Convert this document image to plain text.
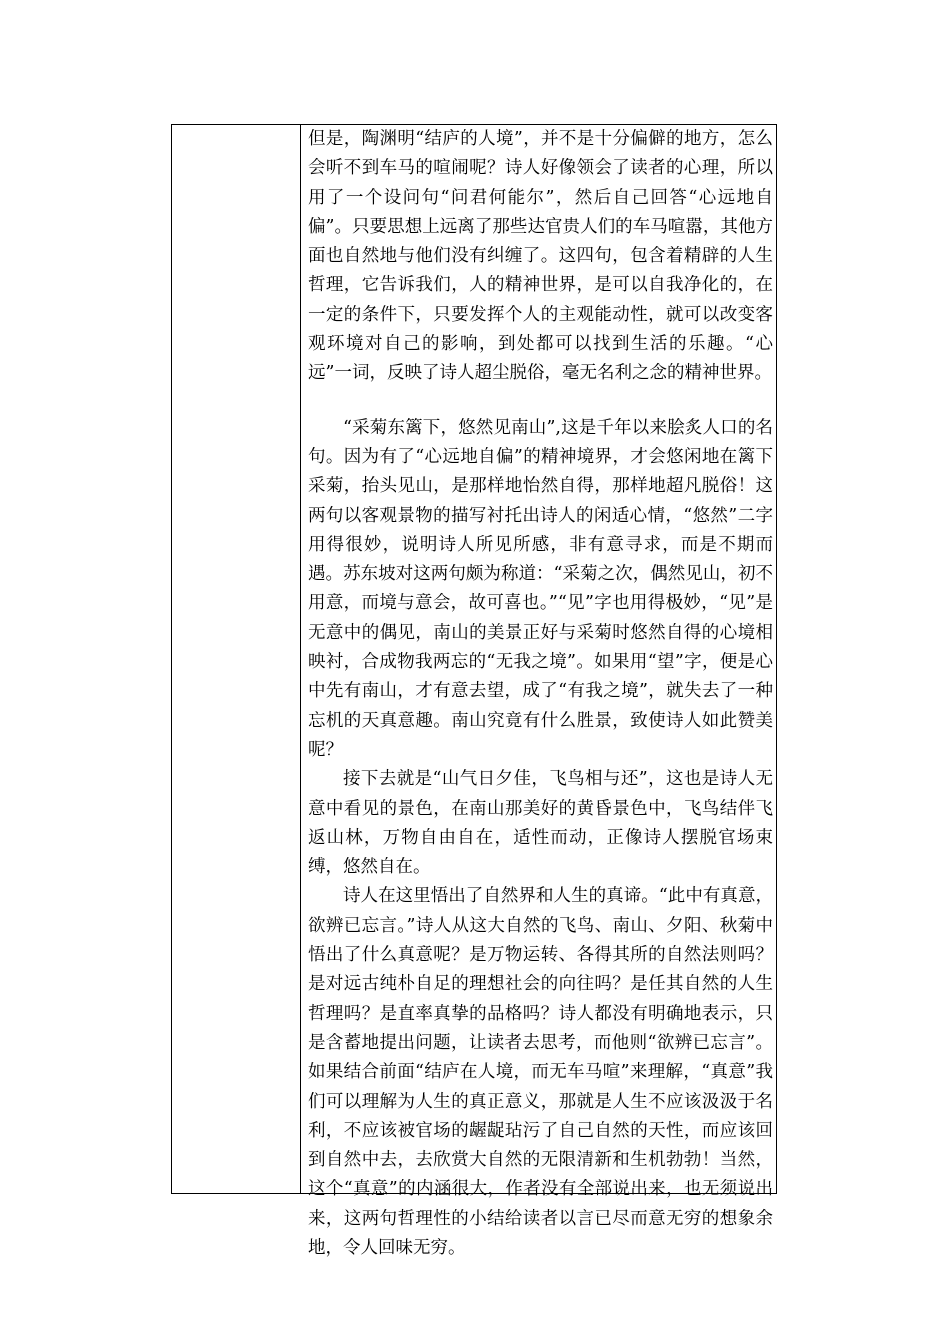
但是，陶渊明“结庐的人境”，并不是十分偏僻的地方，怎么会听不到车马的喧闹呢？诗人好像领会了读者的心理，所以用了一个设问句“问君何能尔”，然后自己回答“心远地自偏”。只要思想上远离了那些达官贵人们的车马喧嚣，其他方面也自然地与他们没有纠缠了。这四句，包含着精辟的人生哲理，它告诉我们，人的精神世界，是可以自我净化的，在一定的条件下，只要发挥个人的主观能动性，就可以改变客观环境对自己的影响，到处都可以找到生活的乐趣。“心远”一词，反映了诗人超尘脱俗，毫无名利之念的精神世界。

“采菊东篱下，悠然见南山”,这是千年以来脍炙人口的名句。因为有了“心远地自偏”的精神境界，才会悠闲地在篱下采菊，抬头见山，是那样地怡然自得，那样地超凡脱俗！这两句以客观景物的描写衬托出诗人的闲适心情，“悠然”二字用得很妙，说明诗人所见所感，非有意寻求，而是不期而遇。苏东坡对这两句颇为称道：“采菊之次，偶然见山，初不用意，而境与意会，故可喜也。”“见”字也用得极妙，“见”是无意中的偶见，南山的美景正好与采菊时悠然自得的心境相映衬，合成物我两忘的“无我之境”。如果用“望”字，便是心中先有南山，才有意去望，成了“有我之境”，就失去了一种忘机的天真意趣。南山究竟有什么胜景，致使诗人如此赞美呢？

接下去就是“山气日夕佳，飞鸟相与还”，这也是诗人无意中看见的景色，在南山那美好的黄昏景色中，飞鸟结伴飞返山林，万物自由自在，适性而动，正像诗人摆脱官场束缚，悠然自在。

诗人在这里悟出了自然界和人生的真谛。“此中有真意，欲辨已忘言。”诗人从这大自然的飞鸟、南山、夕阳、秋菊中悟出了什么真意呢？是万物运转、各得其所的自然法则吗？是对远古纯朴自足的理想社会的向往吗？是任其自然的人生哲理吗？是直率真挚的品格吗？诗人都没有明确地表示，只是含蓄地提出问题，让读者去思考，而他则“欲辨已忘言”。如果结合前面“结庐在人境，而无车马喧”来理解，“真意”我们可以理解为人生的真正意义，那就是人生不应该汲汲于名利，不应该被官场的龌龊玷污了自己自然的天性，而应该回到自然中去，去欣赏大自然的无限清新和生机勃勃！当然，这个“真意”的内涵很大，作者没有全部说出来，也无须说出来，这两句哲理性的小结给读者以言已尽而意无穷的想象余地，令人回味无穷。
